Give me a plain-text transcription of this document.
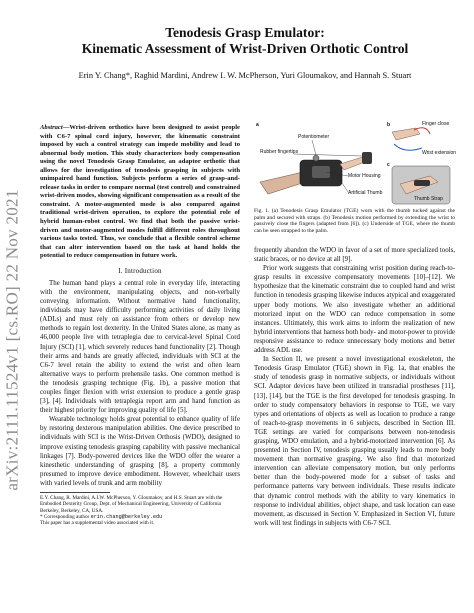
arXiv:2111.11524v1 [cs.RO] 22 Nov 2021
Tenodesis Grasp Emulator:
Kinematic Assessment of Wrist-Driven Orthotic Control
Erin Y. Chang*, Raghid Mardini, Andrew I. W. McPherson, Yuri Gloumakov, and Hannah S. Stuart
Abstract—Wrist-driven orthotics have been designed to assist people with C6-7 spinal cord injury, however, the kinematic constraint imposed by such a control strategy can impede mobility and lead to abnormal body motion. This study characterizes body compensation using the novel Tenodesis Grasp Emulator, an adaptor orthotic that allows for the investigation of tenodesis grasping in subjects with unimpaired hand function. Subjects perform a series of grasp-and-release tasks in order to compare normal (test control) and constrained wrist-driven modes, showing significant compensation as a result of the constraint. A motor-augmented mode is also compared against traditional wrist-driven operation, to explore the potential role of hybrid human-robot control. We find that both the passive wrist-driven and motor-augmented modes fulfill different roles throughout various tasks tested. Thus, we conclude that a flexible control scheme that can alter intervention based on the task at hand holds the potential to reduce compensation in future work.
I. Introduction

The human hand plays a central role in everyday life, interacting with the environment, manipulating objects, and non-verbally conveying information. Without normative hand functionality, individuals may have difficulty performing activities of daily living (ADLs) and must rely on assistance from others or develop new methods to regain lost dexterity. In the United States alone, as many as 46,000 people live with tetraplegia due to cervical-level Spinal Cord Injury (SCI) [1], which severely reduces hand functionality [2]. Though their arms and hands are greatly affected, individuals with SCI at the C6-7 level retain the ability to extend the wrist and often learn alternative ways to perform prehensile tasks. One common method is the tenodesis grasping technique (Fig. 1b), a passive motion that couples finger flexion with wrist extension to produce a gentle grasp [3], [4]. Individuals with tetraplegia report arm and hand function as their highest priority for improving quality of life [5].

Wearable technology holds great potential to enhance quality of life by restoring dexterous manipulation abilities. One device prescribed to individuals with SCI is the Wrist-Driven Orthosis (WDO), designed to improve existing tenodesis grasping capability with passive mechanical linkages [7]. Body-powered devices like the WDO offer the wearer a kinesthetic understanding of grasping [8], a property commonly presumed to improve device embodiment. However, wheelchair users with varied levels of trunk and arm mobility

E.Y. Chang, R. Mardini, A.I.W. McPherson, Y. Gloumakov, and H.S. Stuart are with the Embodied Dexterity Group, Dept. of Mechanical Engineering, University of California Berkeley, Berkeley, CA, USA.

* Corresponding author erin.chang@berkeley.edu

This paper has a supplemental video associated with it.

a	b
c
Potentiometer
Rubber fingertips
Finger close
Wrist extension
Motor Housing
Artificial Thumb
Thumb Strap
Fig. 1. (a) Tenodesis Grasp Emulator (TGE) worn with the thumb tucked against the palm and secured with straps. (b) Tenodesis motion performed by extending the wrist to passively close the fingers (adapted from [6]). (c) Underside of TGE, where the thumb can be seen strapped to the palm.

frequently abandon the WDO in favor of a set of more specialized tools, static braces, or no device at all [9].

Prior work suggests that constraining wrist position during reach-to-grasp results in excessive compensatory movements [10]–[12]. We hypothesize that the kinematic constraint due to coupled hand and wrist function in tenodesis grasping likewise induces atypical and exaggerated upper body motions. We also investigate whether an additional motorized input on the WDO can reduce compensation in some instances. Ultimately, this work aims to inform the realization of new hybrid interventions that harness both body- and motor-power to provide responsive assistance to reduce unnecessary body motions and better address ADL use.

In Section II, we present a novel investigational exoskeleton, the Tenodesis Grasp Emulator (TGE) shown in Fig. 1a, that enables the study of tenodesis grasp in normative subjects, or individuals without SCI. Adaptor devices have been utilized in transradial prostheses [11], [13], [14], but the TGE is the first developed for tenodesis grasping. In order to study compensatory behaviors in response to TGE, we vary types and orientations of objects as well as location to produce a range of reach-to-grasp movements in 6 subjects, described in Section III. TGE settings are varied for comparisons between non-tenodesis grasping, WDO emulation, and a hybrid-motorized intervention [6]. As presented in Section IV, tenodesis grasping usually leads to more body movement than normative grasping. We also find that motorized intervention can alleviate compensatory motion, but only performs better than the body-powered mode for a subset of tasks and performance patterns vary between individuals. These results indicate that dynamic control methods with the ability to vary kinematics in response to individual abilities, object shape, and task location can ease movement, as discussed in Section V. Emphasized in Section VI, future work will test findings in subjects with C6-7 SCI.
